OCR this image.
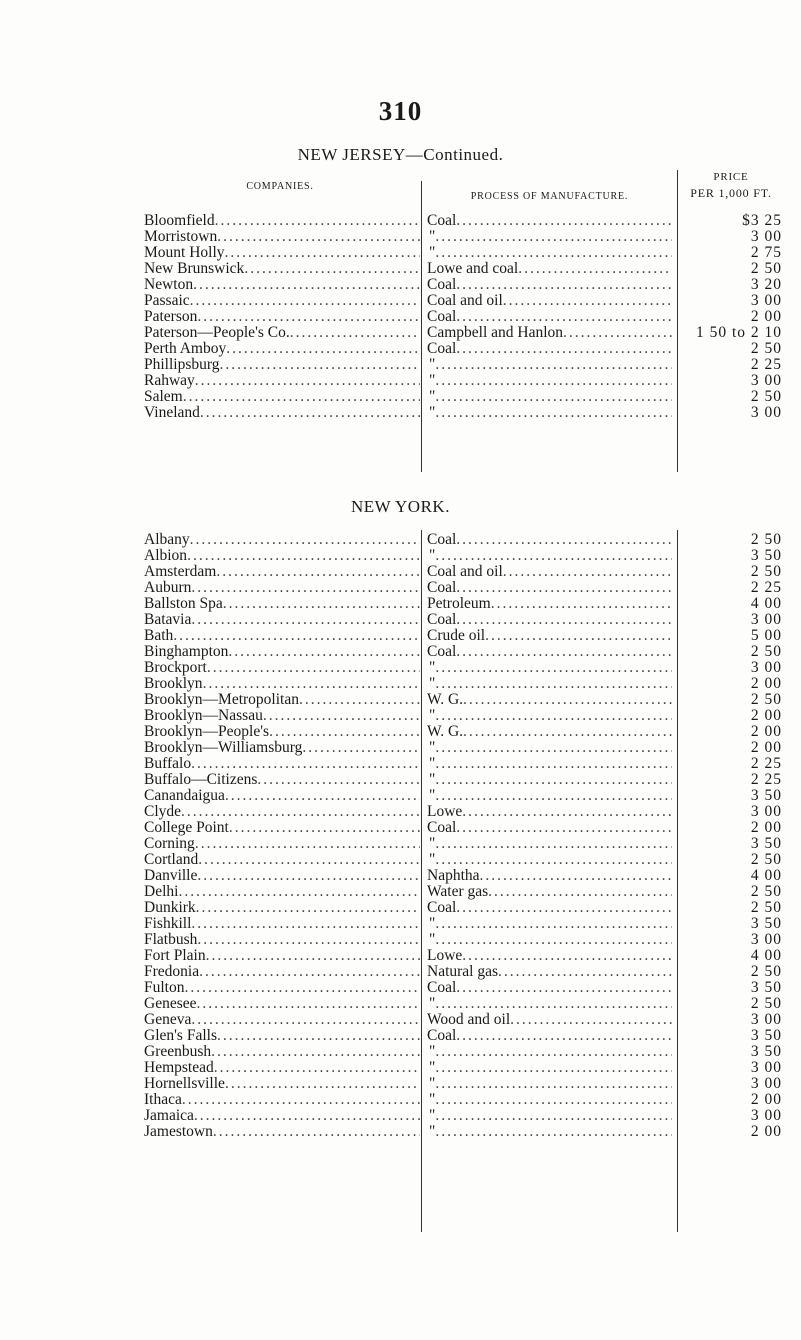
310
NEW JERSEY—Continued.
COMPANIES.
PROCESS OF MANUFACTURE.
PRICE
PER 1,000 FT.
Bloomfield .....	Coal .....	$3 25
Morristown .....	" .....	3 00
Mount Holly .....	" .....	2 75
New Brunswick .....	Lowe and coal .....	2 50
Newton .....	Coal .....	3 20
Passaic .....	Coal and oil .....	3 00
Paterson .....	Coal .....	2 00
Paterson—People's Co. .....	Campbell and Hanlon .....	1 50 to 2 10
Perth Amboy .....	Coal .....	2 50
Phillipsburg .....	" .....	2 25
Rahway .....	" .....	3 00
Salem .....	" .....	2 50
Vineland .....	" .....	3 00
NEW YORK.
Albany .....	Coal .....	2 50
Albion .....	" .....	3 50
Amsterdam .....	Coal and oil .....	2 50
Auburn .....	Coal .....	2 25
Ballston Spa .....	Petroleum .....	4 00
Batavia .....	Coal .....	3 00
Bath .....	Crude oil .....	5 00
Binghampton .....	Coal .....	2 50
Brockport .....	" .....	3 00
Brooklyn .....	" .....	2 00
Brooklyn—Metropolitan .....	W. G. .....	2 50
Brooklyn—Nassau .....	" .....	2 00
Brooklyn—People's .....	W. G. .....	2 00
Brooklyn—Williamsburg .....	" .....	2 00
Buffalo .....	" .....	2 25
Buffalo—Citizens .....	" .....	2 25
Canandaigua .....	" .....	3 50
Clyde .....	Lowe .....	3 00
College Point .....	Coal .....	2 00
Corning .....	" .....	3 50
Cortland .....	" .....	2 50
Danville .....	Naphtha .....	4 00
Delhi .....	Water gas .....	2 50
Dunkirk .....	Coal .....	2 50
Fishkill .....	" .....	3 50
Flatbush .....	" .....	3 00
Fort Plain .....	Lowe .....	4 00
Fredonia .....	Natural gas .....	2 50
Fulton .....	Coal .....	3 50
Genesee .....	" .....	2 50
Geneva .....	Wood and oil .....	3 00
Glen's Falls .....	Coal .....	3 50
Greenbush .....	" .....	3 50
Hempstead .....	" .....	3 00
Hornellsville .....	" .....	3 00
Ithaca .....	" .....	2 00
Jamaica .....	" .....	3 00
Jamestown .....	" .....	2 00
